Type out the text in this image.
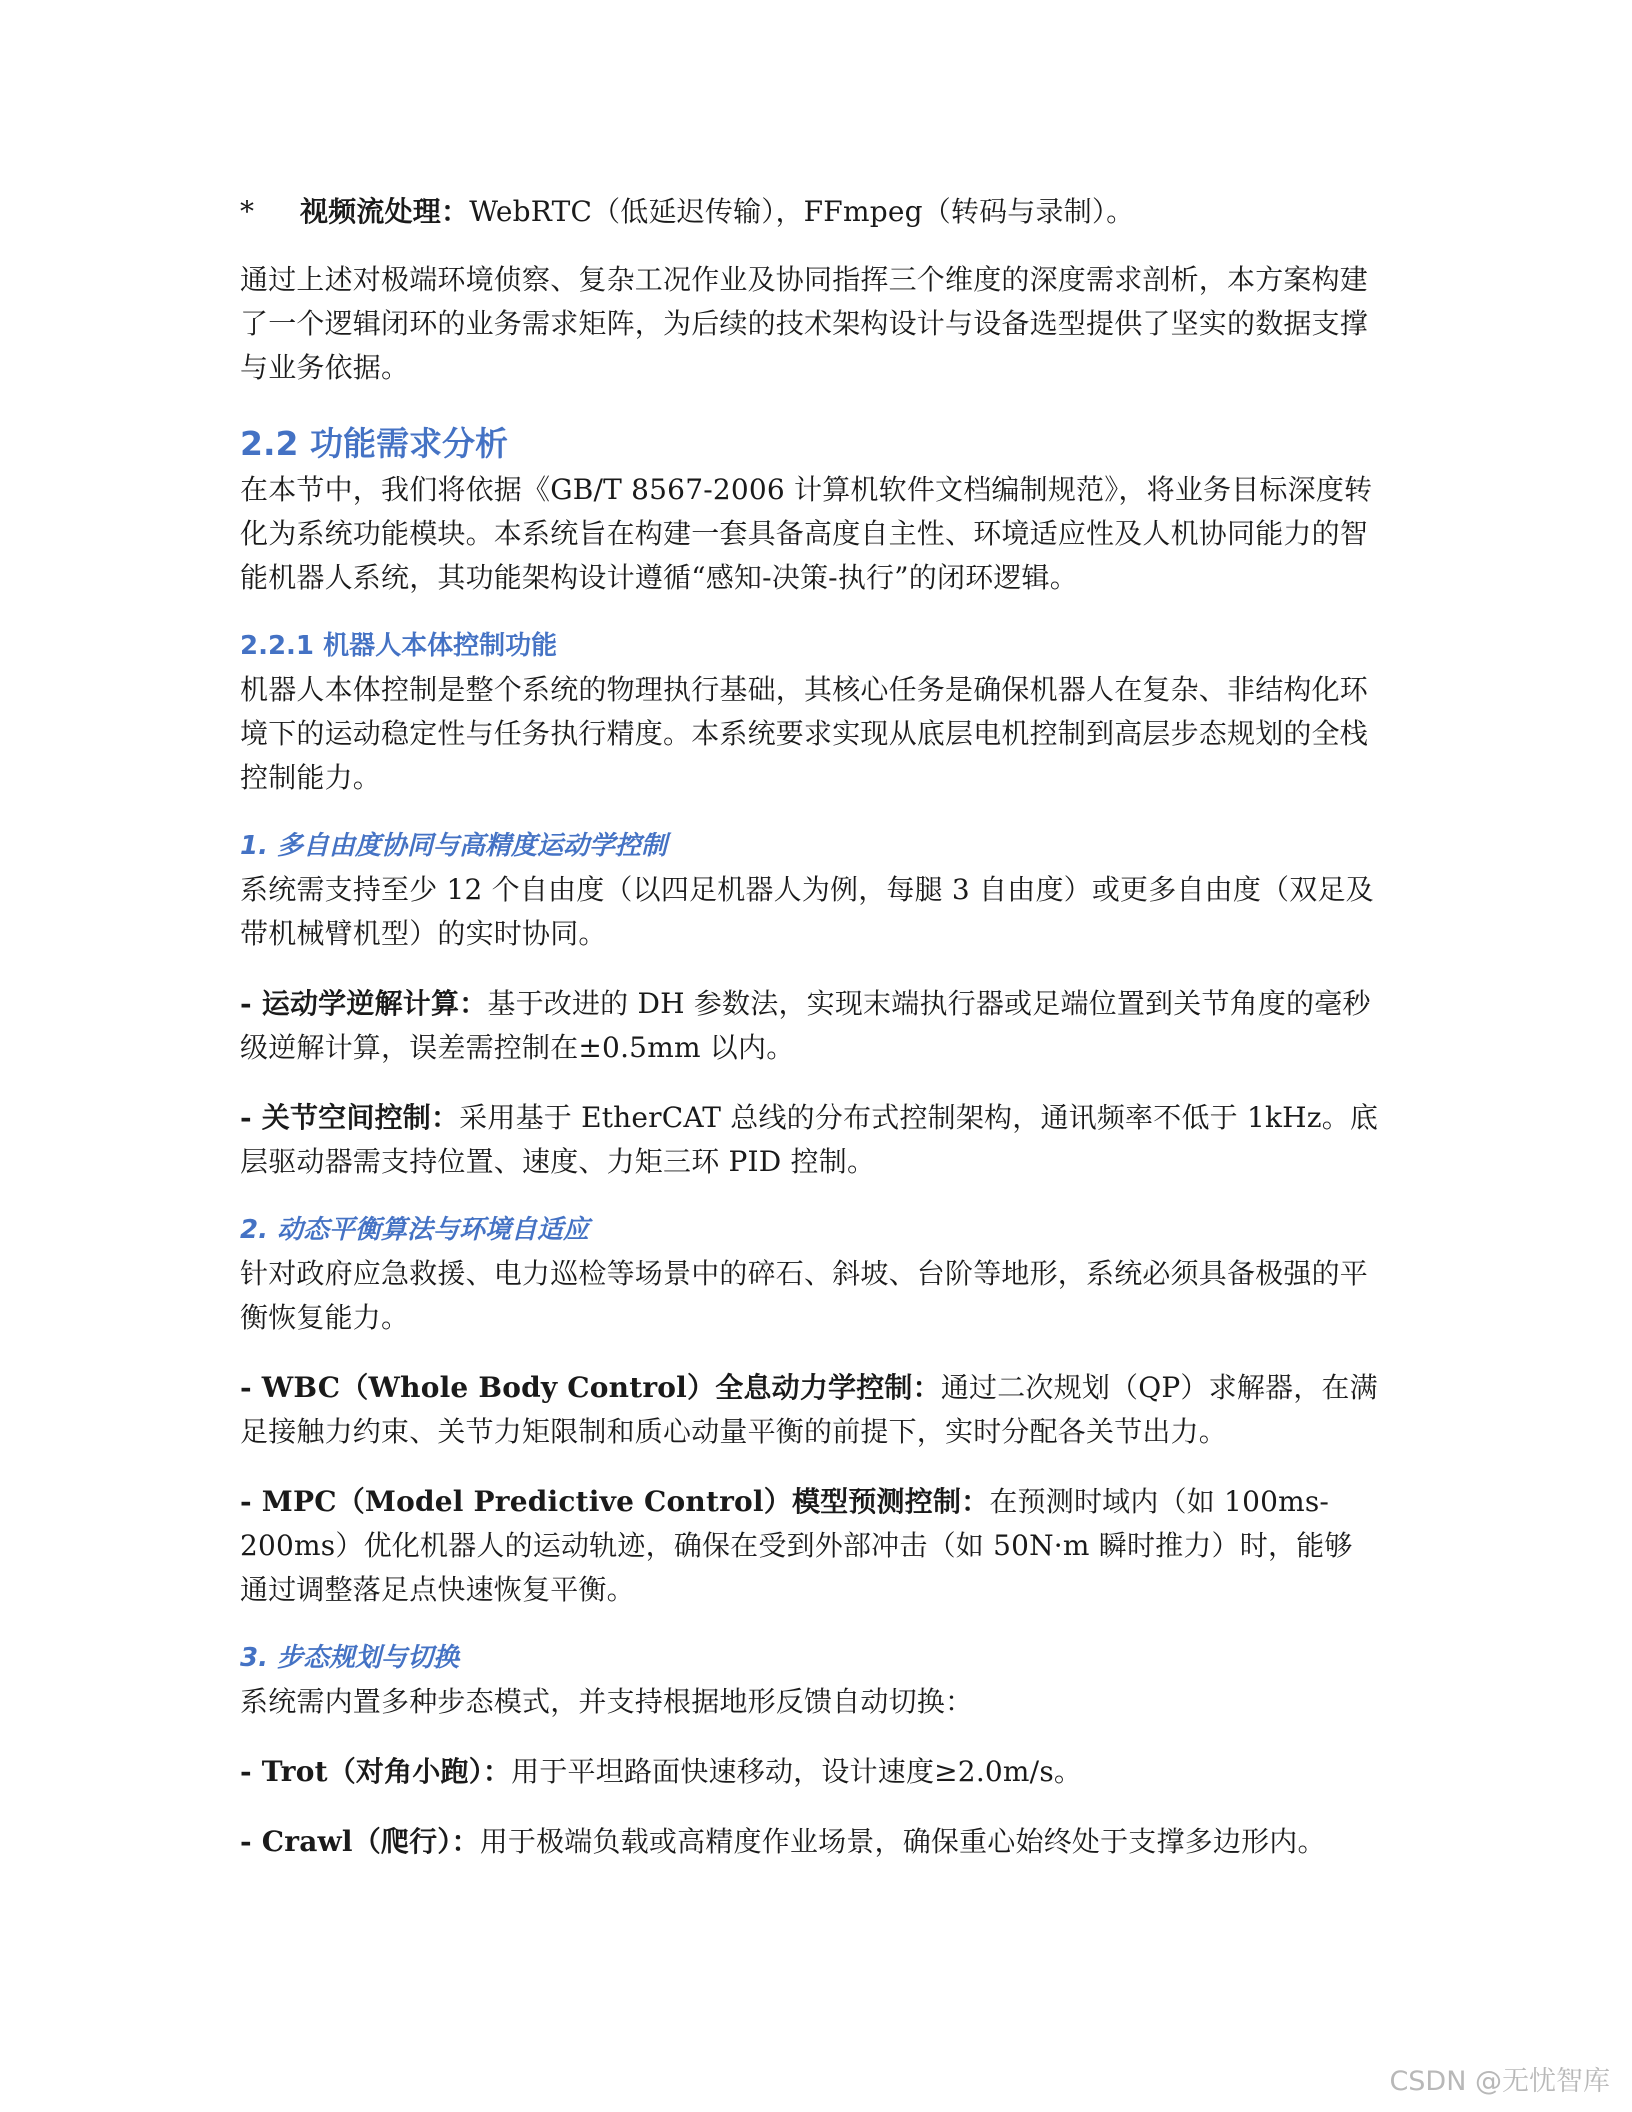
*	视频流处理：WebRTC（低延迟传输），FFmpeg（转码与录制）。

通过上述对极端环境侦察、复杂工况作业及协同指挥三个维度的深度需求剖析，本方案构建了一个逻辑闭环的业务需求矩阵，为后续的技术架构设计与设备选型提供了坚实的数据支撑与业务依据。

2.2 功能需求分析

在本节中，我们将依据《GB/T 8567-2006 计算机软件文档编制规范》，将业务目标深度转化为系统功能模块。本系统旨在构建一套具备高度自主性、环境适应性及人机协同能力的智能机器人系统，其功能架构设计遵循“感知-决策-执行”的闭环逻辑。

2.2.1 机器人本体控制功能

机器人本体控制是整个系统的物理执行基础，其核心任务是确保机器人在复杂、非结构化环境下的运动稳定性与任务执行精度。本系统要求实现从底层电机控制到高层步态规划的全栈控制能力。

1. 多自由度协同与高精度运动学控制

系统需支持至少 12 个自由度（以四足机器人为例，每腿 3 自由度）或更多自由度（双足及带机械臂机型）的实时协同。

- 运动学逆解计算：基于改进的 DH 参数法，实现末端执行器或足端位置到关节角度的毫秒级逆解计算，误差需控制在±0.5mm 以内。

- 关节空间控制：采用基于 EtherCAT 总线的分布式控制架构，通讯频率不低于 1kHz。底层驱动器需支持位置、速度、力矩三环 PID 控制。

2. 动态平衡算法与环境自适应

针对政府应急救援、电力巡检等场景中的碎石、斜坡、台阶等地形，系统必须具备极强的平衡恢复能力。

- WBC（Whole Body Control）全息动力学控制：通过二次规划（QP）求解器，在满足接触力约束、关节力矩限制和质心动量平衡的前提下，实时分配各关节出力。

- MPC（Model Predictive Control）模型预测控制：在预测时域内（如 100ms-200ms）优化机器人的运动轨迹，确保在受到外部冲击（如 50N·m 瞬时推力）时，能够通过调整落足点快速恢复平衡。

3. 步态规划与切换

系统需内置多种步态模式，并支持根据地形反馈自动切换：

- Trot（对角小跑）：用于平坦路面快速移动，设计速度≥2.0m/s。

- Crawl（爬行）：用于极端负载或高精度作业场景，确保重心始终处于支撑多边形内。

CSDN @无忧智库
